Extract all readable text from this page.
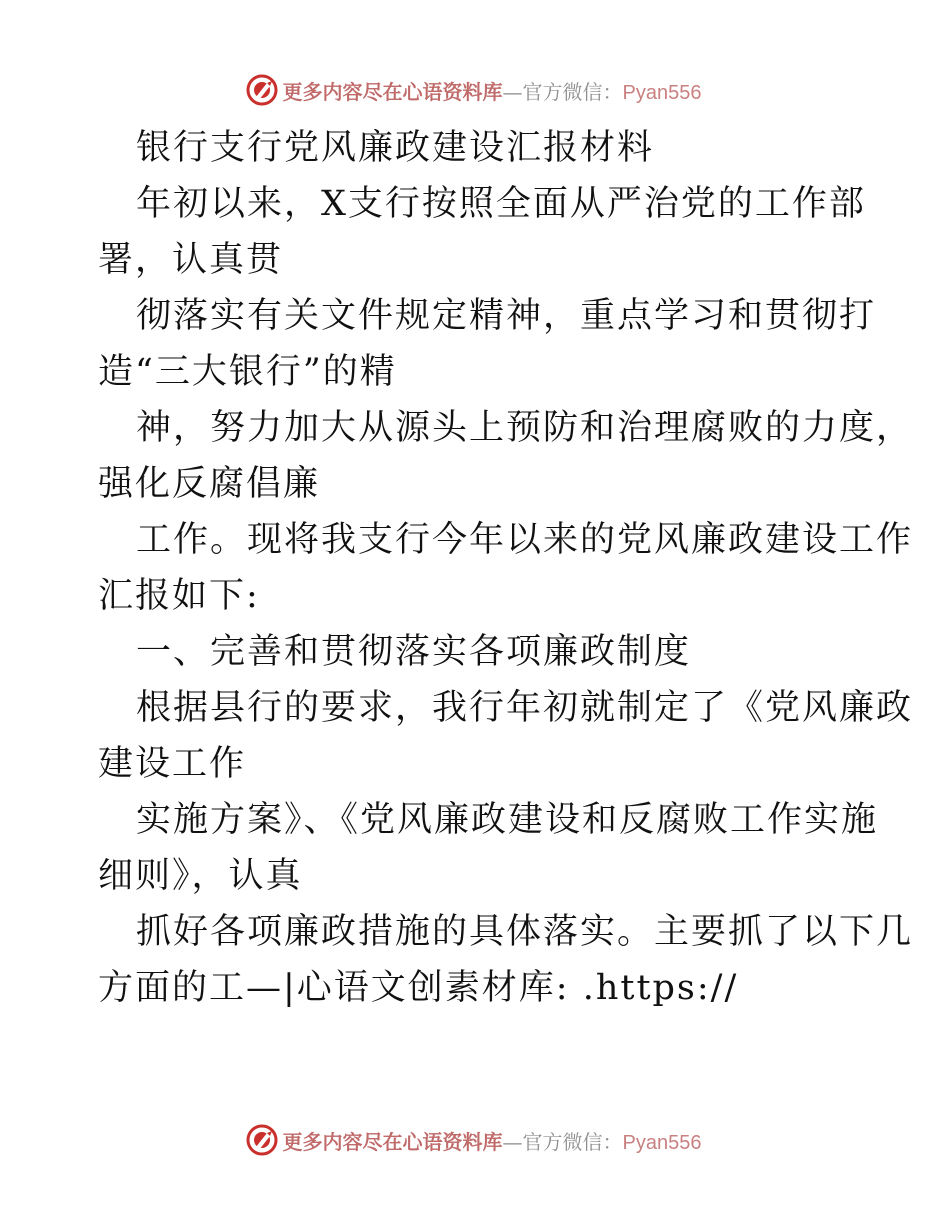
更多内容尽在心语资料库—官方微信：Pyan556
银行支行党风廉政建设汇报材料
年初以来，X支行按照全面从严治党的工作部
署，认真贯
彻落实有关文件规定精神，重点学习和贯彻打
造“三大银行”的精
神，努力加大从源头上预防和治理腐败的力度，
强化反腐倡廉
工作。现将我支行今年以来的党风廉政建设工作
汇报如下:
一、完善和贯彻落实各项廉政制度
根据县行的要求，我行年初就制定了《党风廉政
建设工作
实施方案》、《党风廉政建设和反腐败工作实施
细则》，认真
抓好各项廉政措施的具体落实。主要抓了以下几
方面的工—|心语文创素材库: .https://
更多内容尽在心语资料库—官方微信：Pyan556
